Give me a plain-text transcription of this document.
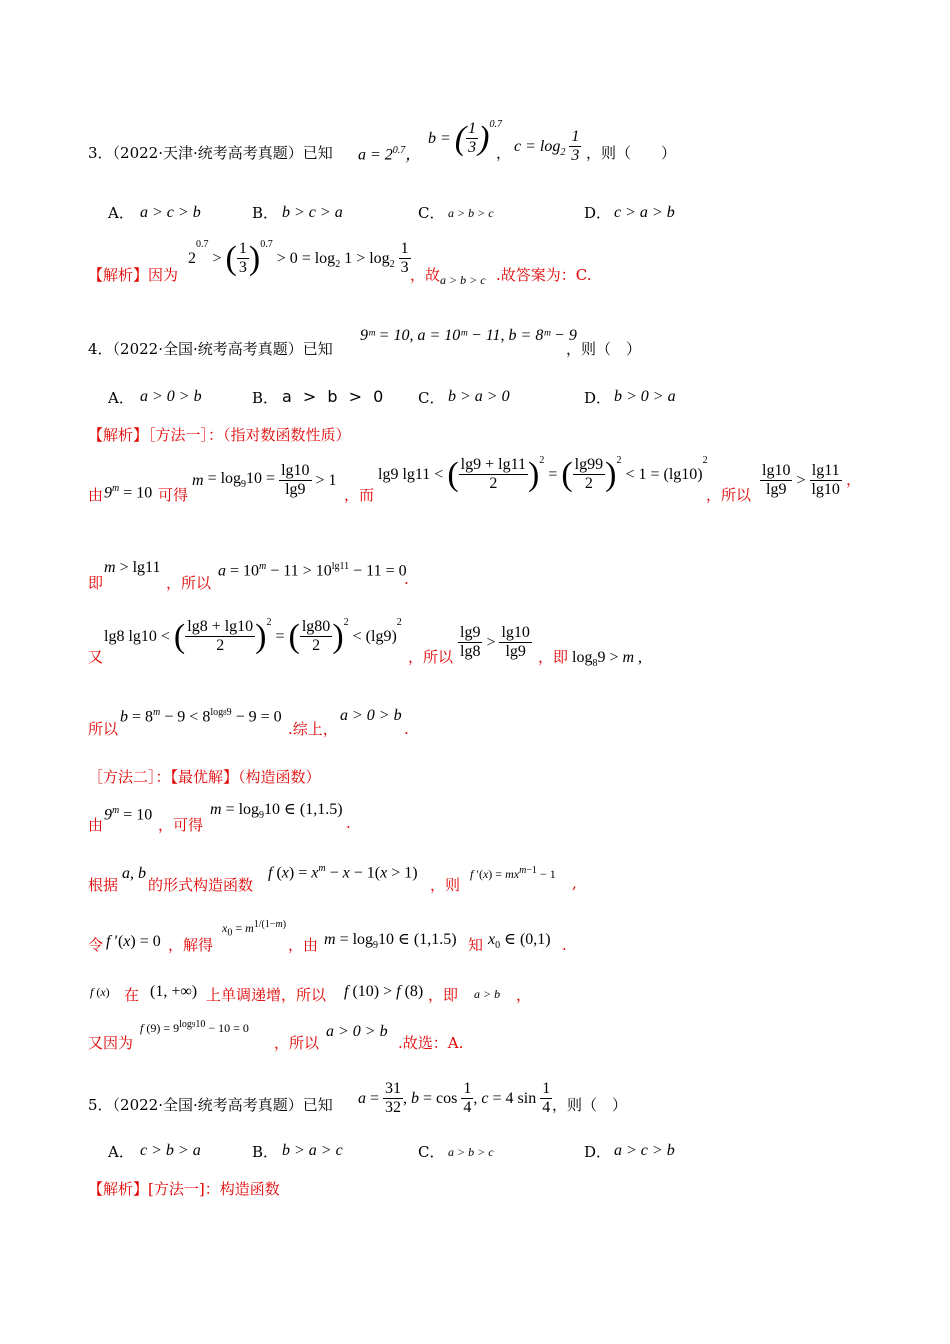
3．（2022·天津·统考高考真题）已知 $a = 2^{0.7}$，
b = ( $\frac{1}{3} )^{0.7}$
， $c = \log_2 \frac{1}{3}$ ，则（　　）
A． a > c > b	B． b > c > a	C． a > b > c	D． c > a > b
【解析】因为
$2^{0.7}$ > ( $\frac{1}{3} )^{0.7} > 0 = \log_2 1 > \log_2 \frac{1}{3}$ ，故 a > b > c .故答案为：C.
4．（2022·全国·统考高考真题）已知
9ᵐ = 10, a = 10ᵐ − 11, b = 8ᵐ − 9
，则（　）
A． a > 0 > b	B． a > b > 0 C． b > a > 0	D． b > 0 > a
【解析】［方法一］：（指对数函数性质）
由 $9^m = 10$ 可得
$m = \log_910 = \frac{\lg 10}{\lg 9} > 1$
，而
lg9 lg11 < ( $\frac{\lg 9 + \lg 11}{2} )^2$ = ( $\frac{\lg 99}{2} )^2 < 1 = (\lg 10)^2$
，所以 $\frac{\lg 10}{\lg 9} > \frac{\lg 11}{\lg 10}$ ，
即
m > lg11
，所以
$a = 10^m - 11 > 10^{lg11} - 11 = 0$
.
又
lg8 lg10 < ( $\frac{\lg 8 + \lg 10}{2} )^2$ = ( $\frac{\lg 80}{2} )^2 < (\lg 9)^2$
，所以 $\frac{\lg 9}{\lg 8} > \frac{\lg 10}{\lg 9}$ ，即 $\log_89 > m$ ,
所以
$b = 8^m - 9 < 8^{log89} - 9 = 0$
.综上，
a > 0 > b
.
［方法二］：【最优解】（构造函数）
由
$9^m = 10$
，可得
$m = \log_910$ ∈ (1,1.5)
.
根据
a, b
的形式构造函数
f $(x) = x^m - x - 1(x > 1)$
，则
f $'(x) = mx^{m-1} - 1$ ,
令 f ′(x) = 0 ，解得
$x_0 = m^{1/(1-m)}$
，由 $m = \log_910$ ∈ (1,1.5) 知 $x_0$ ∈ (0,1) .
f (x) 在 (1, +∞) 上单调递增，所以 f (10) > f (8) ，即 a > b ，
又因为
f $(9) = 9^{log910} - 10 = 0$
，所以
a > 0 > b
.故选：A.
5．（2022·全国·统考高考真题）已知 $a = \frac{31}{32}$ , $b = \cos \frac{1}{4}$ , c = 4 $\sin \frac{1}{4}$ ，则（　）
A． c > b > a	B． b > a > c	C． a > b > c	D． a > c > b
【解析】[方法一]：构造函数
